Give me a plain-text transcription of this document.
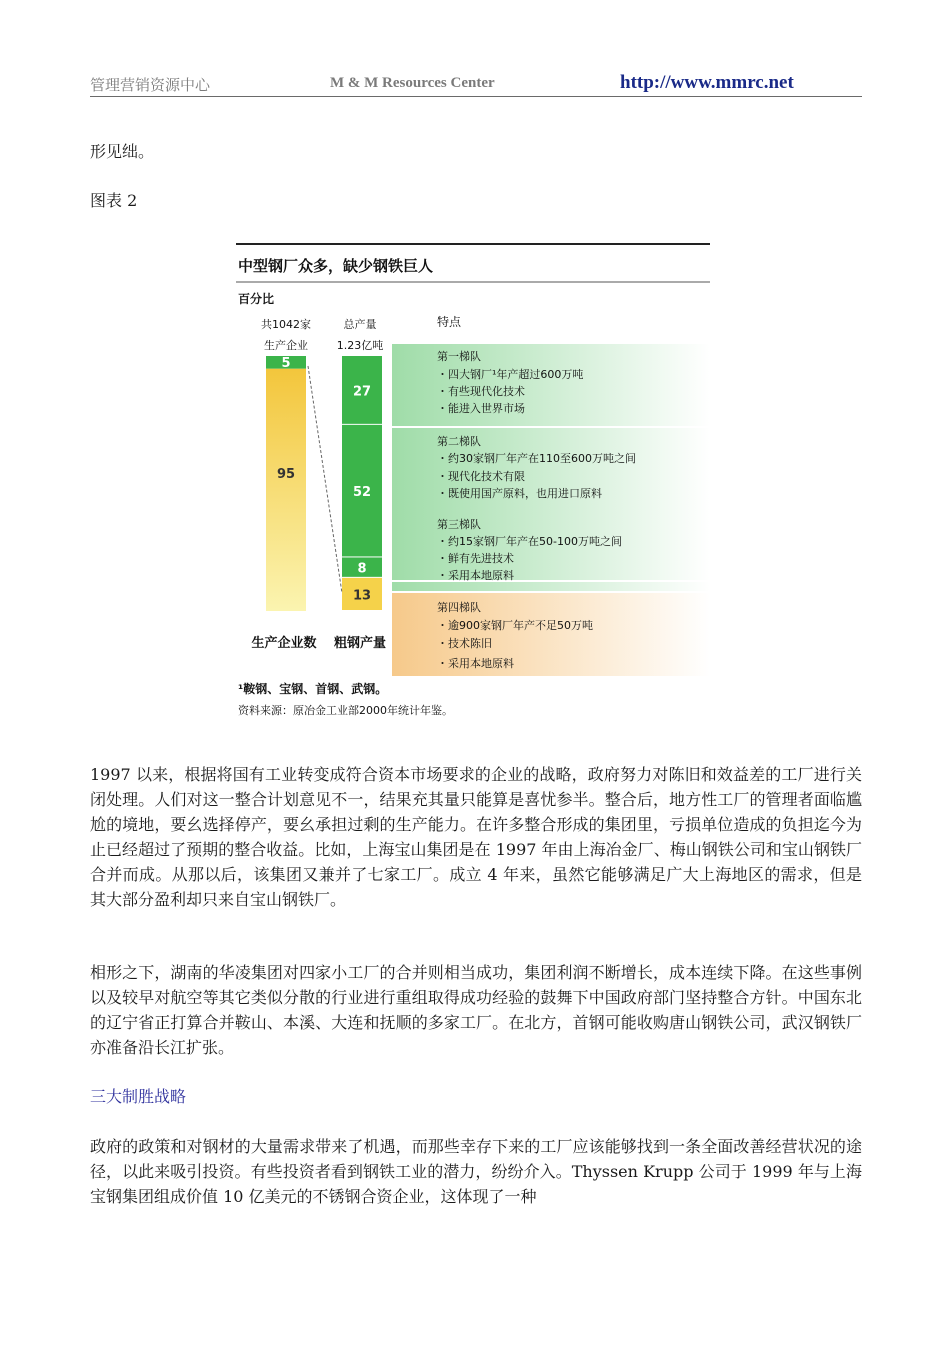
管理营销资源中心	M & M Resources Center	http://www.mmrc.net
形见绌。
图表 2
中型钢厂众多，缺少钢铁巨人
百分比
共1042家
生产企业
总产量
1.23亿吨
特点
5
95
27
52
8
13
生产企业数 粗钢产量
第一梯队
・四大钢厂¹年产超过600万吨
・有些现代化技术
・能进入世界市场
第二梯队
・约30家钢厂年产在110至600万吨之间
・现代化技术有限
・既使用国产原料，也用进口原料
第三梯队
・约15家钢厂年产在50-100万吨之间
・鲜有先进技术
・采用本地原料
第四梯队
・逾900家钢厂年产不足50万吨
・技术陈旧
・采用本地原料
¹鞍钢、宝钢、首钢、武钢。
资料来源：原冶金工业部2000年统计年鉴。
1997 以来，根据将国有工业转变成符合资本市场要求的企业的战略，政府努力对陈旧和效益差的工厂进行关闭处理。人们对这一整合计划意见不一，结果充其量只能算是喜忧参半。整合后，地方性工厂的管理者面临尴尬的境地，要幺选择停产，要幺承担过剩的生产能力。在许多整合形成的集团里，亏损单位造成的负担迄今为止已经超过了预期的整合收益。比如，上海宝山集团是在 1997 年由上海冶金厂、梅山钢铁公司和宝山钢铁厂合并而成。从那以后，该集团又兼并了七家工厂。成立 4 年来，虽然它能够满足广大上海地区的需求，但是其大部分盈利却只来自宝山钢铁厂。
相形之下，湖南的华凌集团对四家小工厂的合并则相当成功，集团利润不断增长，成本连续下降。在这些事例以及较早对航空等其它类似分散的行业进行重组取得成功经验的鼓舞下中国政府部门坚持整合方针。中国东北的辽宁省正打算合并鞍山、本溪、大连和抚顺的多家工厂。在北方，首钢可能收购唐山钢铁公司，武汉钢铁厂亦准备沿长江扩张。
三大制胜战略
政府的政策和对钢材的大量需求带来了机遇，而那些幸存下来的工厂应该能够找到一条全面改善经营状况的途径，以此来吸引投资。有些投资者看到钢铁工业的潜力，纷纷介入。Thyssen Krupp 公司于 1999 年与上海宝钢集团组成价值 10 亿美元的不锈钢合资企业，这体现了一种
